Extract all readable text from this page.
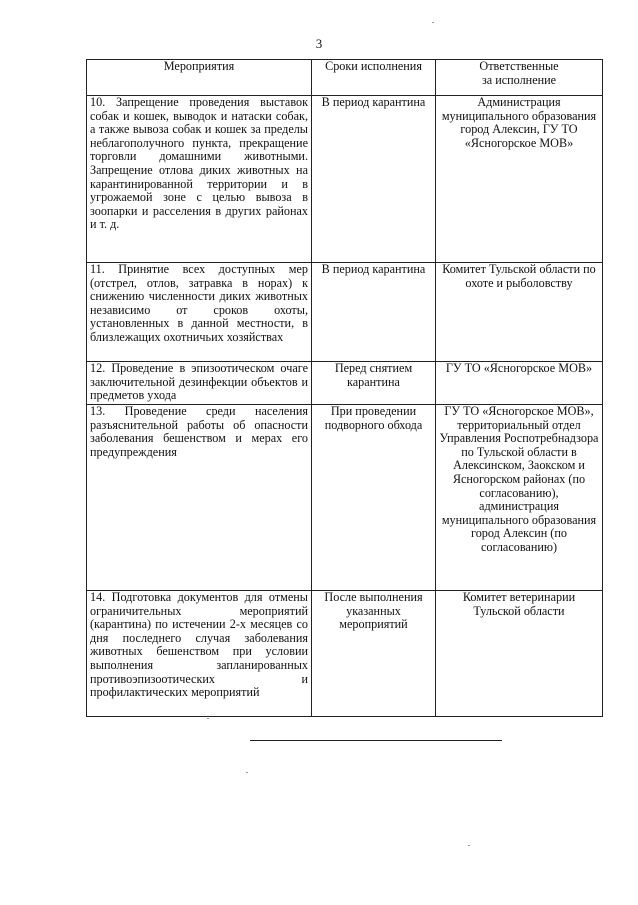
3
Мероприятия	Сроки исполнения	Ответственные
за исполнение

10. Запрещение проведения выставок собак и кошек, выводок и натаски собак, а также вывоза собак и кошек за пределы неблагополучного пункта, прекращение торговли домашними животными. Запрещение отлова диких животных на карантинированной территории и в угрожаемой зоне с целью вывоза в зоопарки и расселения в других районах и т. д.	В период карантина	Администрация муниципального образования город Алексин, ГУ ТО «Ясногорское МОВ»
11. Принятие всех доступных мер (отстрел, отлов, затравка в норах) к снижению численности диких животных независимо от сроков охоты, установленных в данной местности, в близлежащих охотничьих хозяйствах	В период карантина	Комитет Тульской области по охоте и рыболовству
12. Проведение в эпизоотическом очаге заключительной дезинфекции объектов и предметов ухода	Перед снятием карантина	ГУ ТО «Ясногорское МОВ»
13. Проведение среди населения разъяснительной работы об опасности заболевания бешенством и мерах его предупреждения	При проведении подворного обхода	ГУ ТО «Ясногорское МОВ», территориальный отдел Управления Роспотребнадзора по Тульской области в Алексинском, Заокском и Ясногорском районах (по согласованию), администрация муниципального образования город Алексин (по согласованию)
14. Подготовка документов для отмены ограничительных мероприятий (карантина) по истечении 2-х месяцев со дня последнего случая заболевания животных бешенством при условии выполнения запланированных противоэпизоотических и профилактических мероприятий	После выполнения указанных мероприятий	Комитет ветеринарии Тульской области
